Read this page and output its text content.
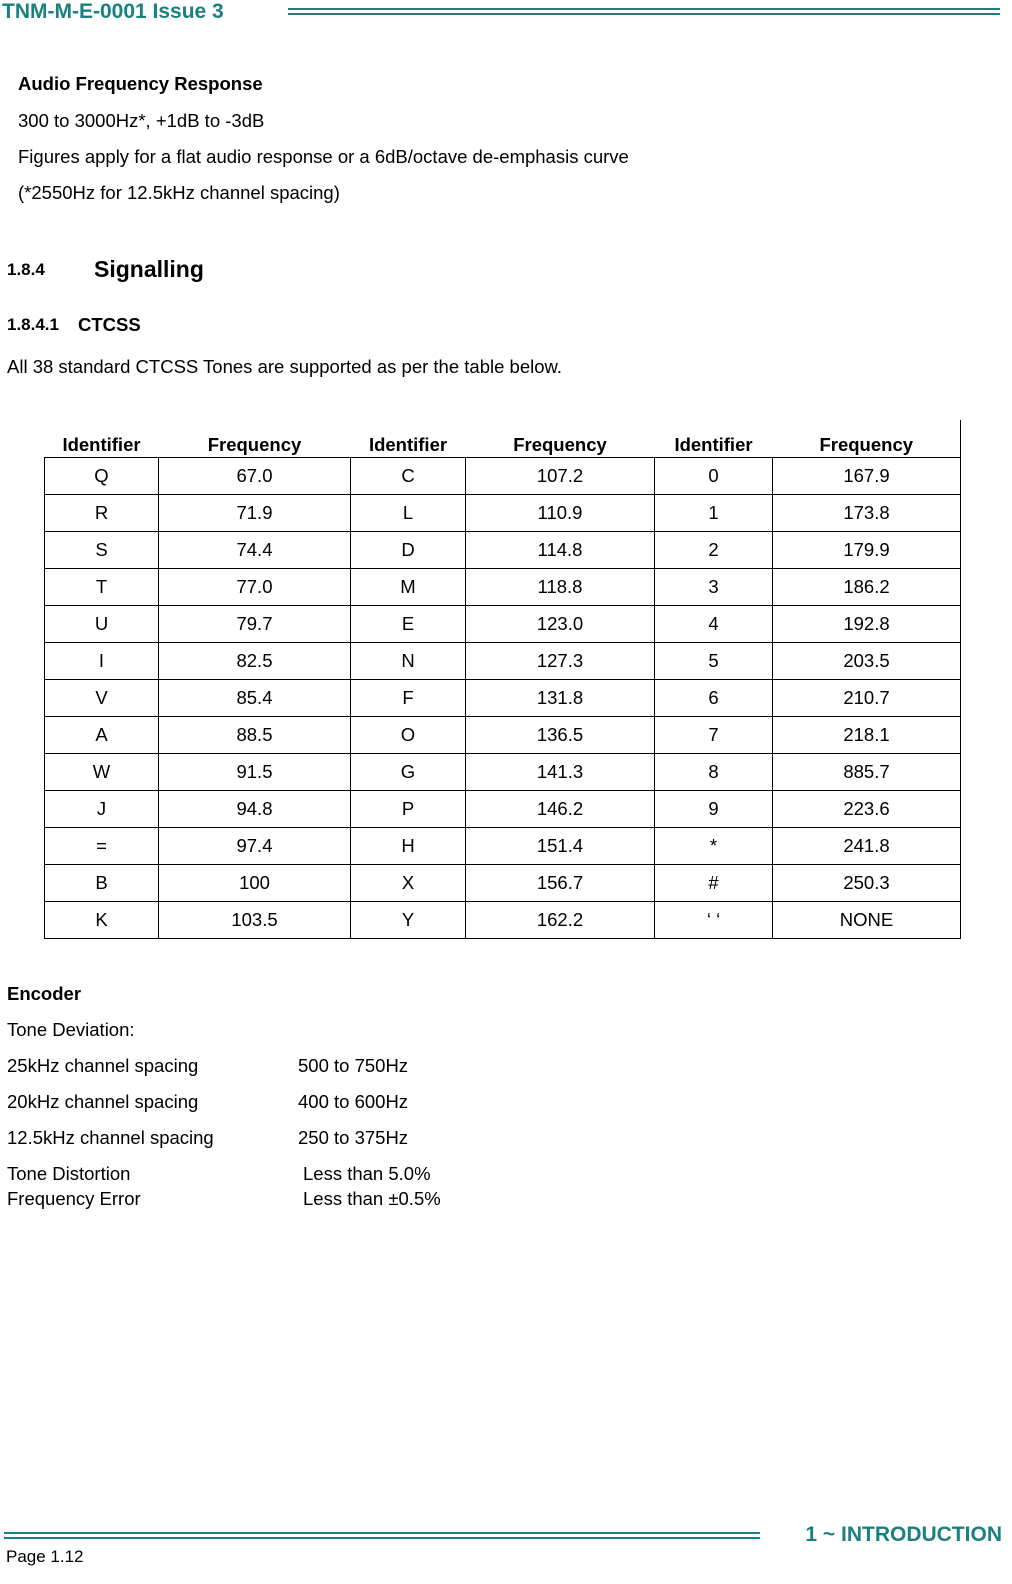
TNM-M-E-0001 Issue 3
Audio Frequency Response
300 to 3000Hz*, +1dB to -3dB
Figures apply for a flat audio response or a 6dB/octave de-emphasis curve
(*2550Hz for 12.5kHz channel spacing)
1.8.4 Signalling
1.8.4.1 CTCSS
All 38 standard CTCSS Tones are supported as per the table below.
Identifier	Frequency	Identifier	Frequency	Identifier	Frequency
Q	67.0	C	107.2	0	167.9
R	71.9	L	110.9	1	173.8
S	74.4	D	114.8	2	179.9
T	77.0	M	118.8	3	186.2
U	79.7	E	123.0	4	192.8
I	82.5	N	127.3	5	203.5
V	85.4	F	131.8	6	210.7
A	88.5	O	136.5	7	218.1
W	91.5	G	141.3	8	885.7
J	94.8	P	146.2	9	223.6
=	97.4	H	151.4	*	241.8
B	100	X	156.7	#	250.3
K	103.5	Y	162.2	‘ ‘	NONE
Encoder
Tone Deviation:
25kHz channel spacing	500 to 750Hz
20kHz channel spacing	400 to 600Hz
12.5kHz channel spacing	250 to 375Hz
Tone Distortion	Less than 5.0%
Frequency Error	Less than ±0.5%
1 ~ INTRODUCTION
Page 1.12
